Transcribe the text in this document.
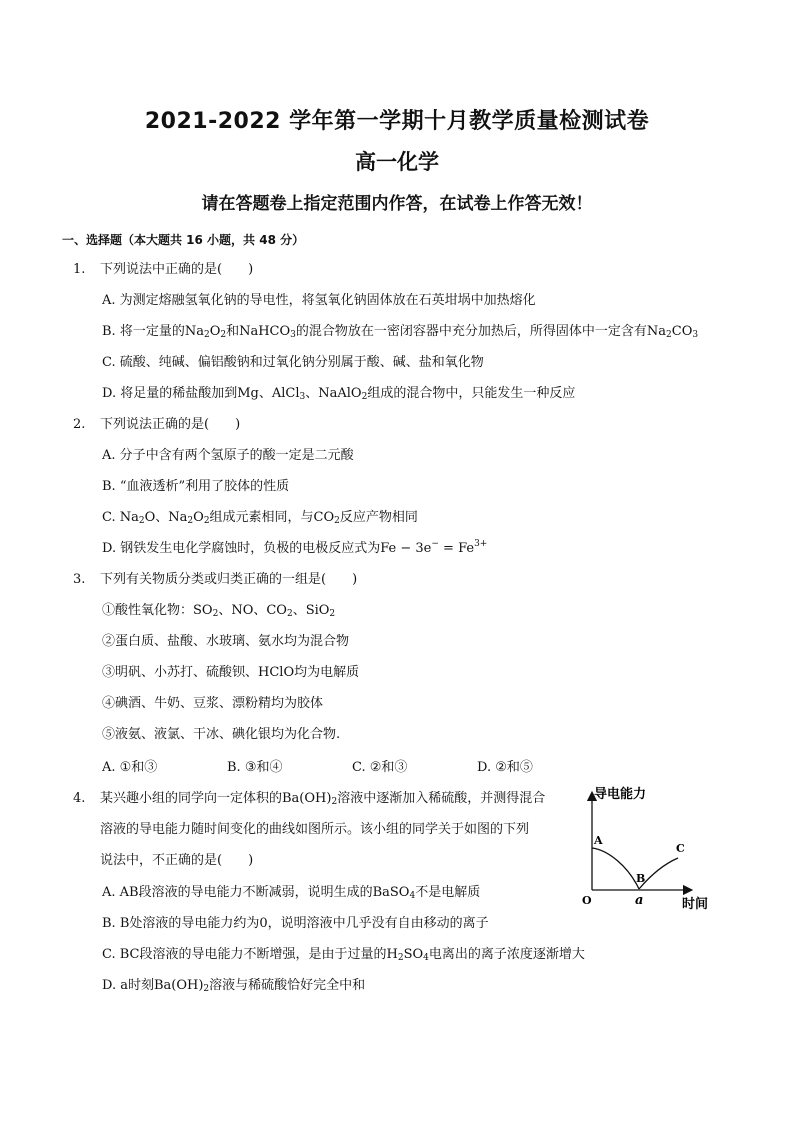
2021-2022 学年第一学期十月教学质量检测试卷
高一化学
请在答题卷上指定范围内作答，在试卷上作答无效！
一、选择题（本大题共 16 小题，共 48 分）
1. 下列说法中正确的是(　　)
A. 为测定熔融氢氧化钠的导电性，将氢氧化钠固体放在石英坩埚中加热熔化
B. 将一定量的$Na_2O_2$和NaHCO$_3$的混合物放在一密闭容器中充分加热后，所得固体中一定含有$Na_2CO_3$
C. 硫酸、纯碱、偏铝酸钠和过氧化钠分别属于酸、碱、盐和氧化物
D. 将足量的稀盐酸加到Mg、AlCl$_3$、NaAlO$_2$组成的混合物中，只能发生一种反应
2. 下列说法正确的是(　　)
A. 分子中含有两个氢原子的酸一定是二元酸
B. “血液透析”利用了胶体的性质
C. $Na_2O$、$Na_2O_2$组成元素相同，与$CO_2$反应产物相同
D. 钢铁发生电化学腐蚀时，负极的电极反应式为$Fe - 3e^- = Fe^{3+}$
3. 下列有关物质分类或归类正确的一组是(　　)
①酸性氧化物：$SO_2$、NO、$CO_2$、SiO$_2$
②蛋白质、盐酸、水玻璃、氨水均为混合物
③明矾、小苏打、硫酸钡、HClO均为电解质
④碘酒、牛奶、豆浆、漂粉精均为胶体
⑤液氨、液氯、干冰、碘化银均为化合物.
A. ①和③	B. ③和④	C. ②和③	D. ②和⑤
4. 某兴趣小组的同学向一定体积的$Ba(OH)_2$溶液中逐渐加入稀硫酸，并测得混合
溶液的导电能力随时间变化的曲线如图所示。该小组的同学关于如图的下列
说法中，不正确的是(　　)
A. AB段溶液的导电能力不断减弱，说明生成的BaSO$_4$不是电解质
B. B处溶液的导电能力约为0，说明溶液中几乎没有自由移动的离子
C. BC段溶液的导电能力不断增强，是由于过量的$H_2SO_4$电离出的离子浓度逐渐增大
D. a时刻$Ba(OH)_2$溶液与稀硫酸恰好完全中和
导电能力
时间
O
A
B
C
a
